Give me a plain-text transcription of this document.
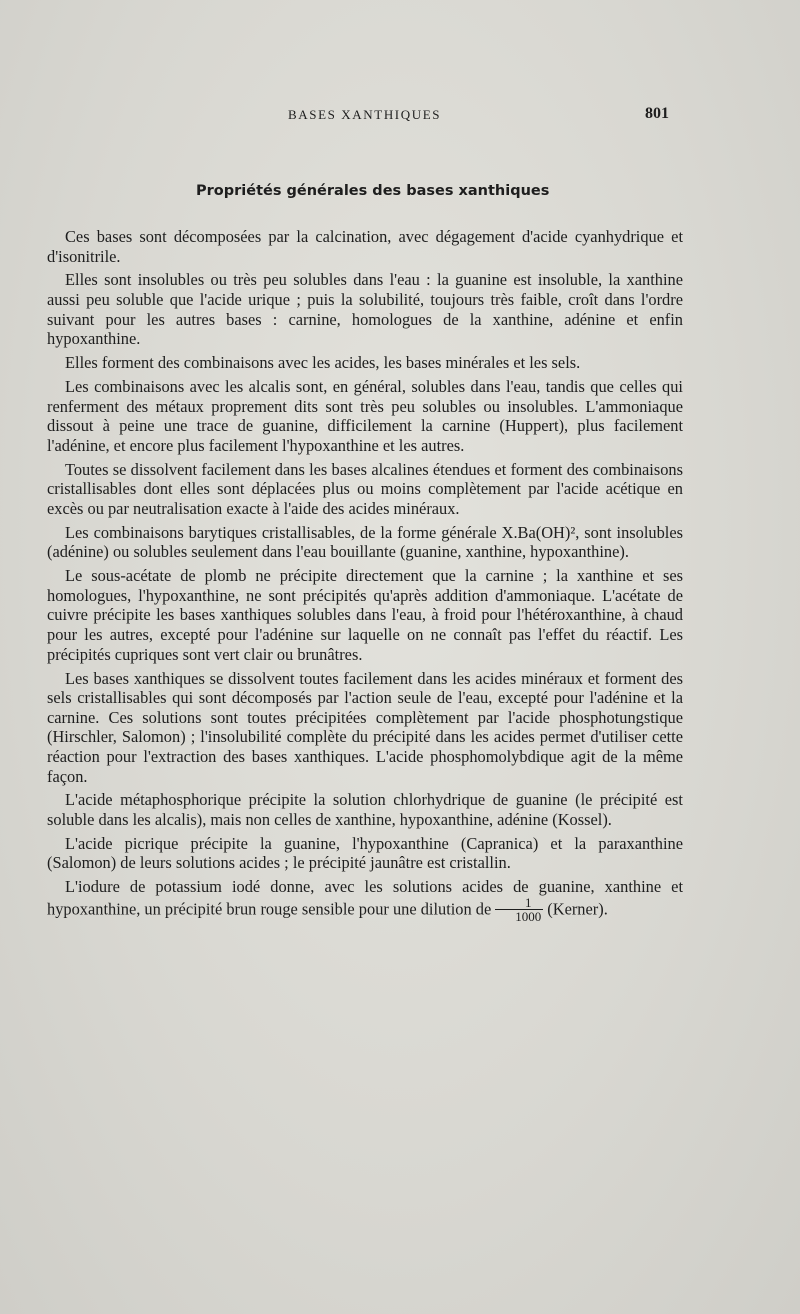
BASES XANTHIQUES	801
Propriétés générales des bases xanthiques

Ces bases sont décomposées par la calcination, avec dégagement d'acide cyanhydrique et d'isonitrile.

Elles sont insolubles ou très peu solubles dans l'eau : la guanine est insoluble, la xanthine aussi peu soluble que l'acide urique ; puis la solubilité, toujours très faible, croît dans l'ordre suivant pour les autres bases : carnine, homologues de la xanthine, adénine et enfin hypoxanthine.

Elles forment des combinaisons avec les acides, les bases minérales et les sels.

Les combinaisons avec les alcalis sont, en général, solubles dans l'eau, tandis que celles qui renferment des métaux proprement dits sont très peu solubles ou insolubles. L'ammoniaque dissout à peine une trace de guanine, difficilement la carnine (Huppert), plus facilement l'adénine, et encore plus facilement l'hypoxanthine et les autres.

Toutes se dissolvent facilement dans les bases alcalines étendues et forment des combinaisons cristallisables dont elles sont déplacées plus ou moins complètement par l'acide acétique en excès ou par neutralisation exacte à l'aide des acides minéraux.

Les combinaisons barytiques cristallisables, de la forme générale X.Ba(OH)², sont insolubles (adénine) ou solubles seulement dans l'eau bouillante (guanine, xanthine, hypoxanthine).

Le sous-acétate de plomb ne précipite directement que la carnine ; la xanthine et ses homologues, l'hypoxanthine, ne sont précipités qu'après addition d'ammoniaque. L'acétate de cuivre précipite les bases xanthiques solubles dans l'eau, à froid pour l'hétéroxanthine, à chaud pour les autres, excepté pour l'adénine sur laquelle on ne connaît pas l'effet du réactif. Les précipités cupriques sont vert clair ou brunâtres.

Les bases xanthiques se dissolvent toutes facilement dans les acides minéraux et forment des sels cristallisables qui sont décomposés par l'action seule de l'eau, excepté pour l'adénine et la carnine. Ces solutions sont toutes précipitées complètement par l'acide phosphotungstique (Hirschler, Salomon) ; l'insolubilité complète du précipité dans les acides permet d'utiliser cette réaction pour l'extraction des bases xanthiques. L'acide phosphomolybdique agit de la même façon.

L'acide métaphosphorique précipite la solution chlorhydrique de guanine (le précipité est soluble dans les alcalis), mais non celles de xanthine, hypoxanthine, adénine (Kossel).

L'acide picrique précipite la guanine, l'hypoxanthine (Capranica) et la paraxanthine (Salomon) de leurs solutions acides ; le précipité jaunâtre est cristallin.

L'iodure de potassium iodé donne, avec les solutions acides de guanine, xanthine et hypoxanthine, un précipité brun rouge sensible pour une dilution de $\frac{1}{1000}$ (Kerner).
